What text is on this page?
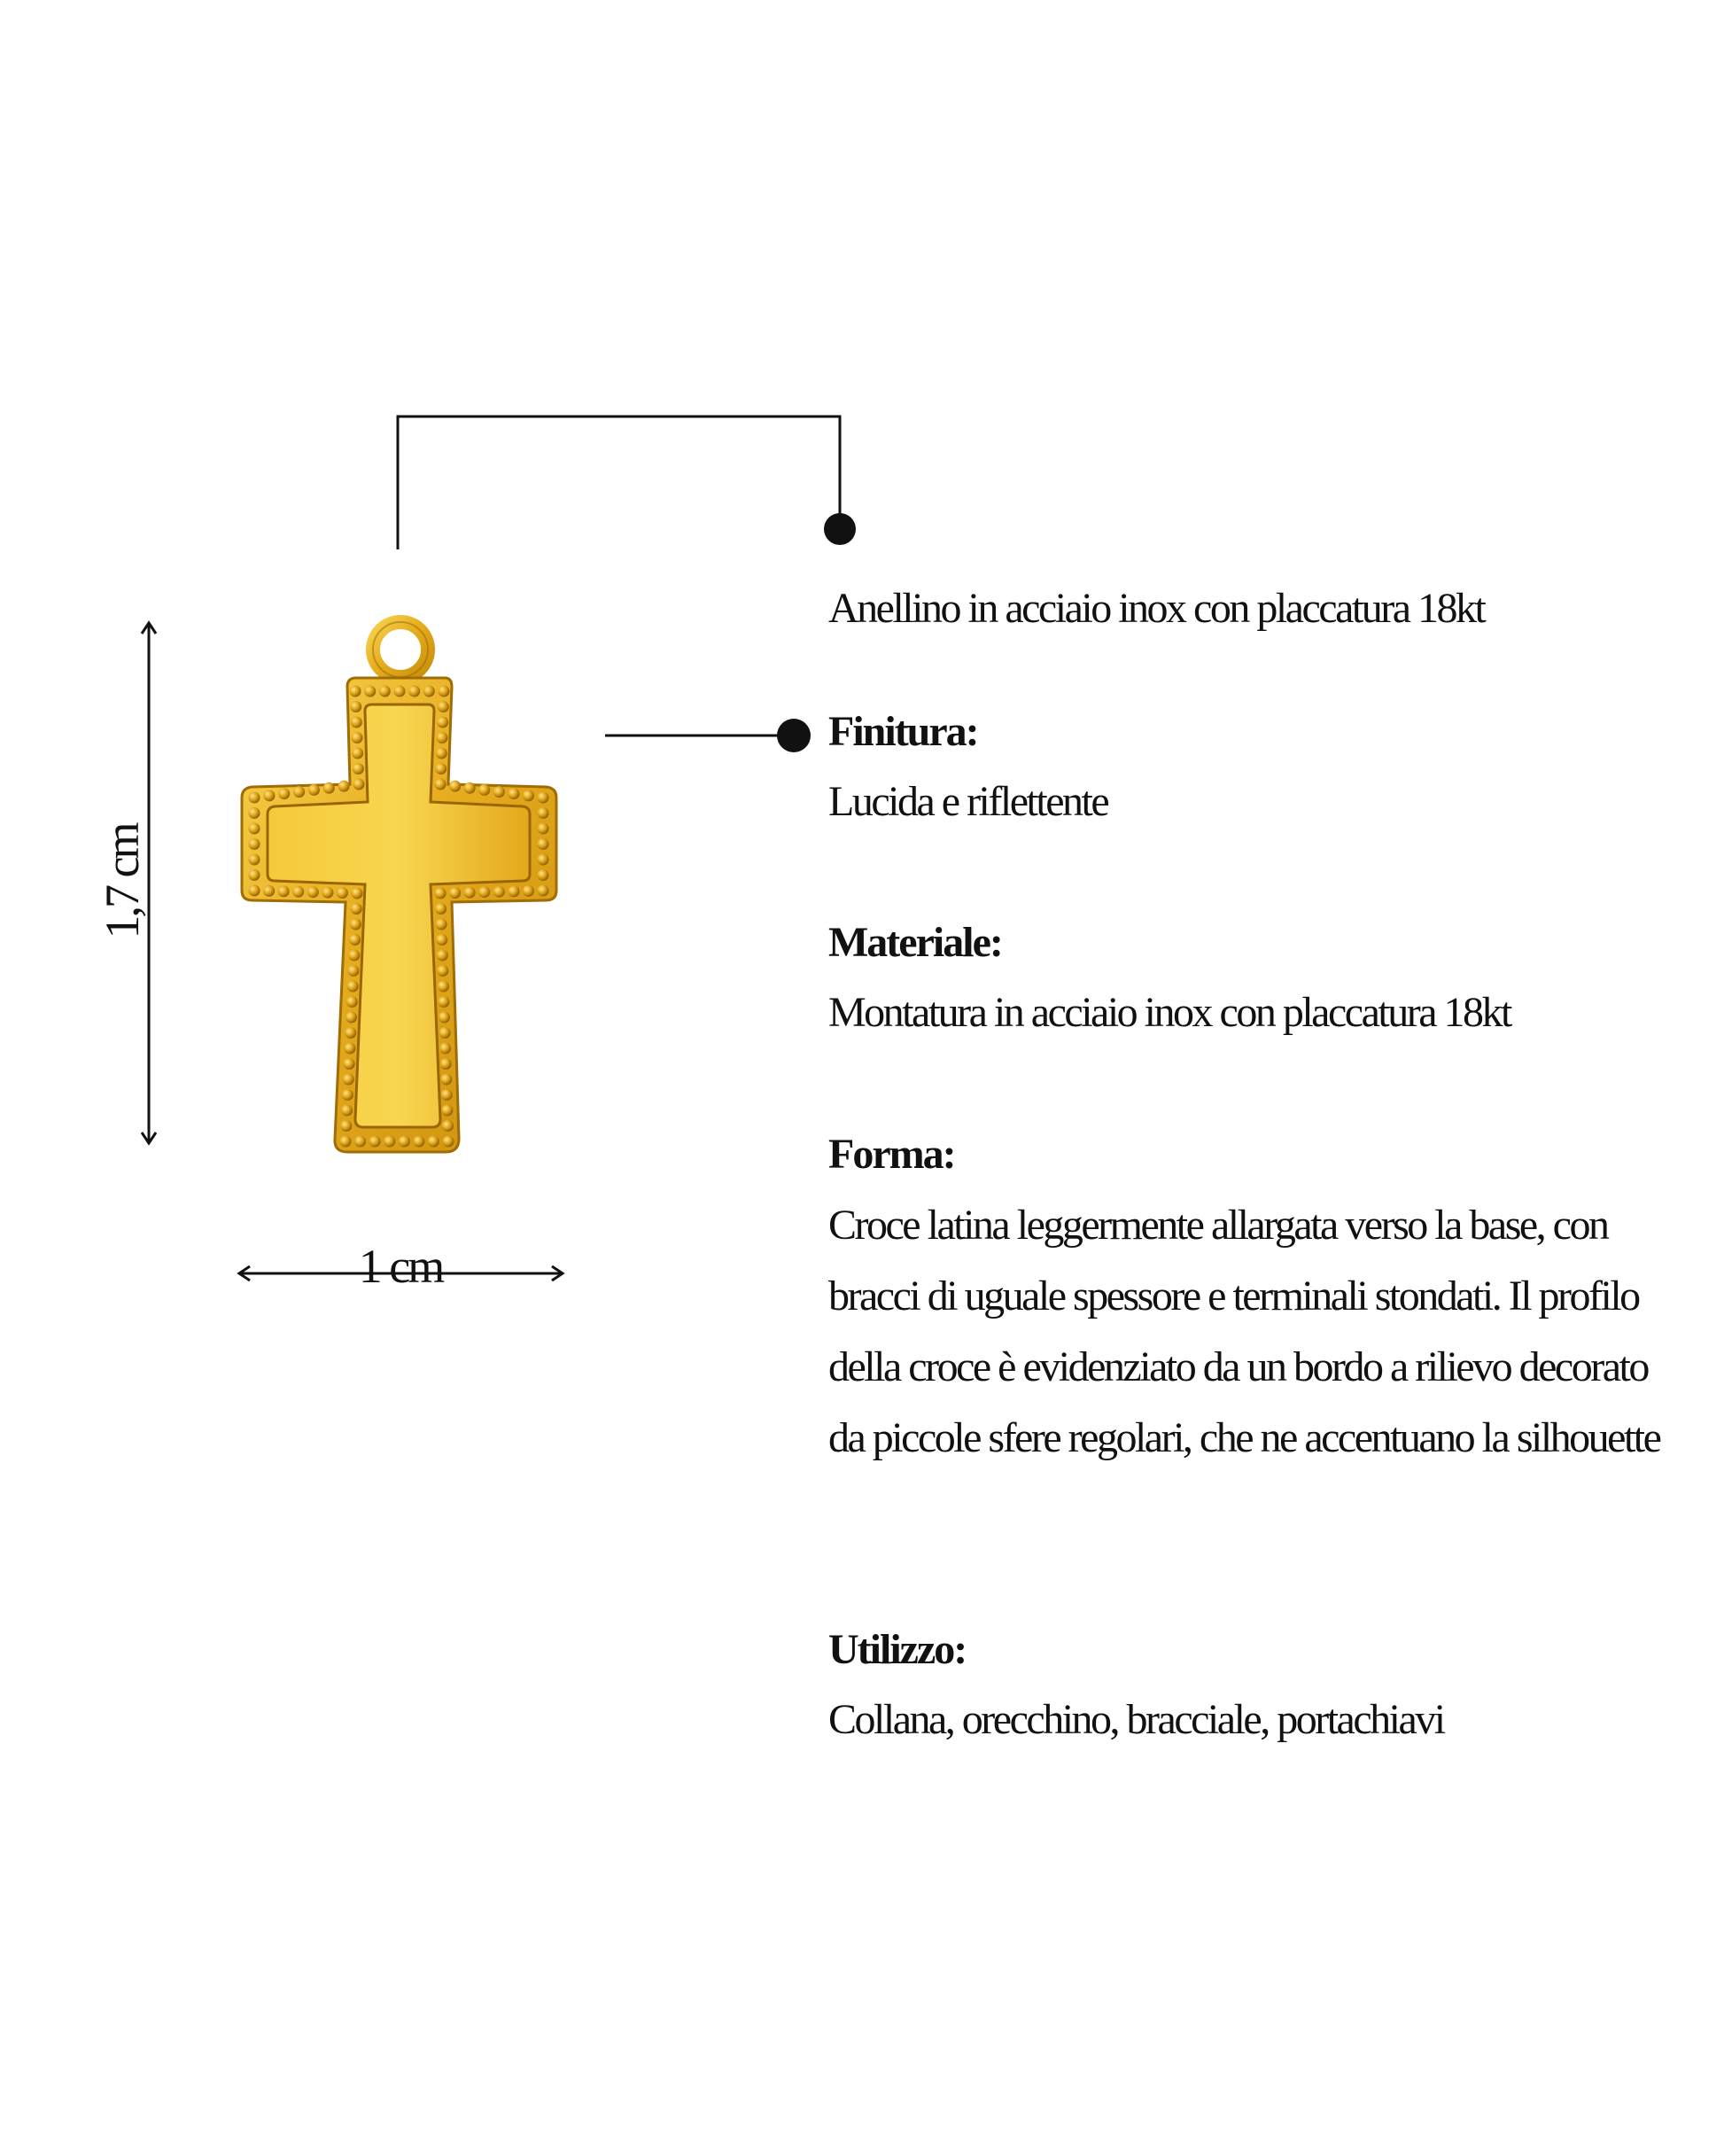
1,7 cm
1 cm
Anellino in acciaio inox con placcatura 18kt
Finitura:
Lucida e riflettente
Materiale:
Montatura in acciaio inox con placcatura 18kt
Forma:
Croce latina leggermente allargata verso la base, con bracci di uguale spessore e terminali stondati. Il profilo della croce è evidenziato da un bordo a rilievo decorato da piccole sfere regolari, che ne accentuano la silhouette
Utilizzo:
Collana, orecchino, bracciale, portachiavi
